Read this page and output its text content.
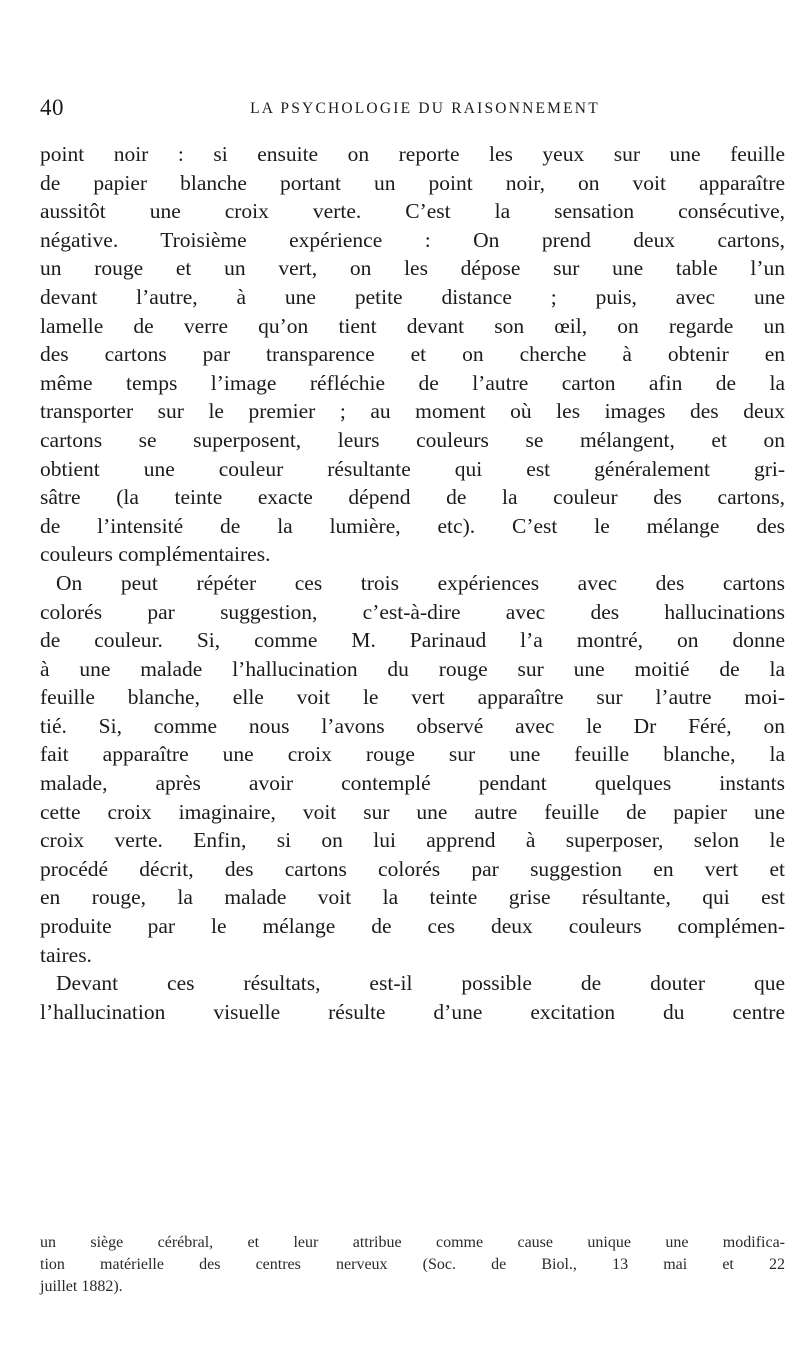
40	LA PSYCHOLOGIE DU RAISONNEMENT
point noir : si ensuite on reporte les yeux sur une feuille
de papier blanche portant un point noir, on voit apparaître
aussitôt une croix verte. C’est la sensation consécutive,
négative. Troisième expérience : On prend deux cartons,
un rouge et un vert, on les dépose sur une table l’un
devant l’autre, à une petite distance ; puis, avec une
lamelle de verre qu’on tient devant son œil, on regarde un
des cartons par transparence et on cherche à obtenir en
même temps l’image réfléchie de l’autre carton afin de la
transporter sur le premier ; au moment où les images des deux
cartons se superposent, leurs couleurs se mélangent, et on
obtient une couleur résultante qui est généralement gri-
sâtre (la teinte exacte dépend de la couleur des cartons,
de l’intensité de la lumière, etc). C’est le mélange des
couleurs complémentaires.
On peut répéter ces trois expériences avec des cartons
colorés par suggestion, c’est-à-dire avec des hallucinations
de couleur. Si, comme M. Parinaud l’a montré, on donne
à une malade l’hallucination du rouge sur une moitié de la
feuille blanche, elle voit le vert apparaître sur l’autre moi-
tié. Si, comme nous l’avons observé avec le Dr Féré, on
fait apparaître une croix rouge sur une feuille blanche, la
malade, après avoir contemplé pendant quelques instants
cette croix imaginaire, voit sur une autre feuille de papier une
croix verte. Enfin, si on lui apprend à superposer, selon le
procédé décrit, des cartons colorés par suggestion en vert et
en rouge, la malade voit la teinte grise résultante, qui est
produite par le mélange de ces deux couleurs complémen-
taires.
Devant ces résultats, est-il possible de douter que
l’hallucination visuelle résulte d’une excitation du centre
un siège cérébral, et leur attribue comme cause unique une modifica-
tion matérielle des centres nerveux (Soc. de Biol., 13 mai et 22
juillet 1882).
